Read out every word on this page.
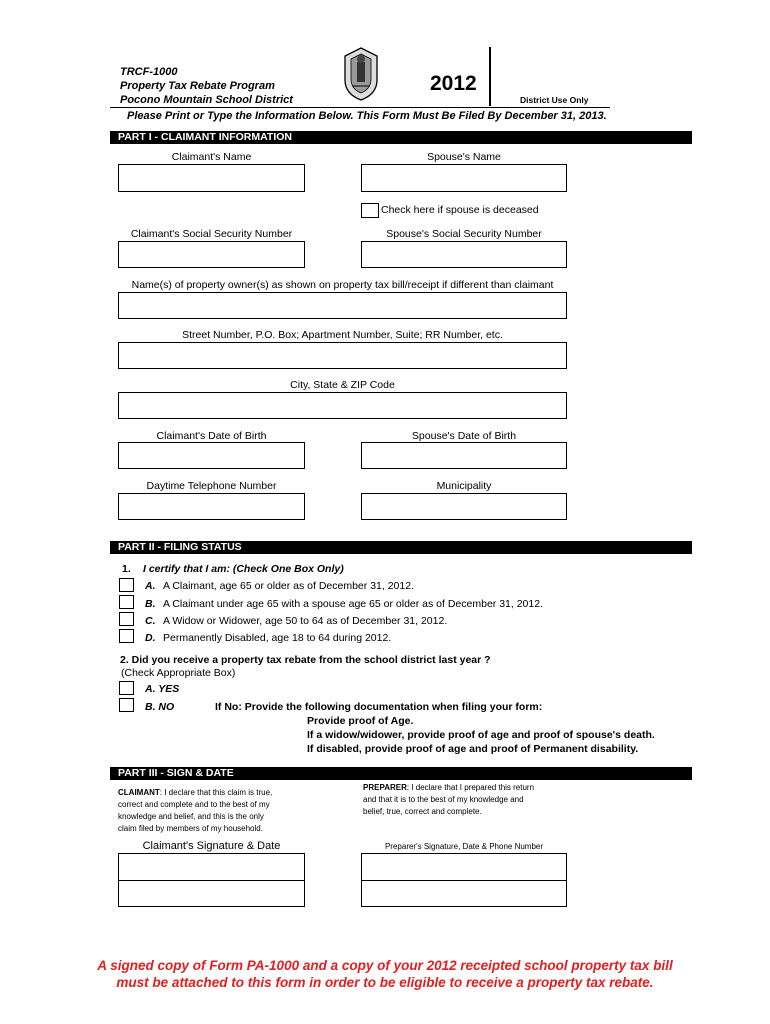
TRCF-1000
Property Tax Rebate Program
Pocono Mountain School District
2012
District Use Only
Please Print or Type the Information Below. This Form Must Be Filed By December 31, 2013.
PART I - CLAIMANT INFORMATION
Claimant's Name	Spouse's Name
Check here if spouse is deceased
Claimant's Social Security Number	Spouse's Social Security Number
Name(s) of property owner(s) as shown on property tax bill/receipt if different than claimant
Street Number, P.O. Box; Apartment Number, Suite; RR Number, etc.
City, State & ZIP Code
Claimant's Date of Birth	Spouse's Date of Birth
Daytime Telephone Number	Municipality
PART II - FILING STATUS
1. I certify that I am: (Check One Box Only)
A. A Claimant, age 65 or older as of December 31, 2012.
B. A Claimant under age 65 with a spouse age 65 or older as of December 31, 2012.
C. A Widow or Widower, age 50 to 64 as of December 31, 2012.
D. Permanently Disabled, age 18 to 64 during 2012.
2. Did you receive a property tax rebate from the school district last year ?
(Check Appropriate Box)
A. YES
B. NO	If No: Provide the following documentation when filing your form:
Provide proof of Age.
If a widow/widower, provide proof of age and proof of spouse's death.
If disabled, provide proof of age and proof of Permanent disability.
PART III - SIGN & DATE
CLAIMANT: I declare that this claim is true,
correct and complete and to the best of my
knowledge and belief, and this is the only
claim filed by members of my household.
PREPARER: I declare that I prepared this return
and that it is to the best of my knowledge and
belief, true, correct and complete.
Claimant's Signature & Date	Preparer's Signature, Date & Phone Number
A signed copy of Form PA-1000 and a copy of your 2012 receipted school property tax bill
must be attached to this form in order to be eligible to receive a property tax rebate.
